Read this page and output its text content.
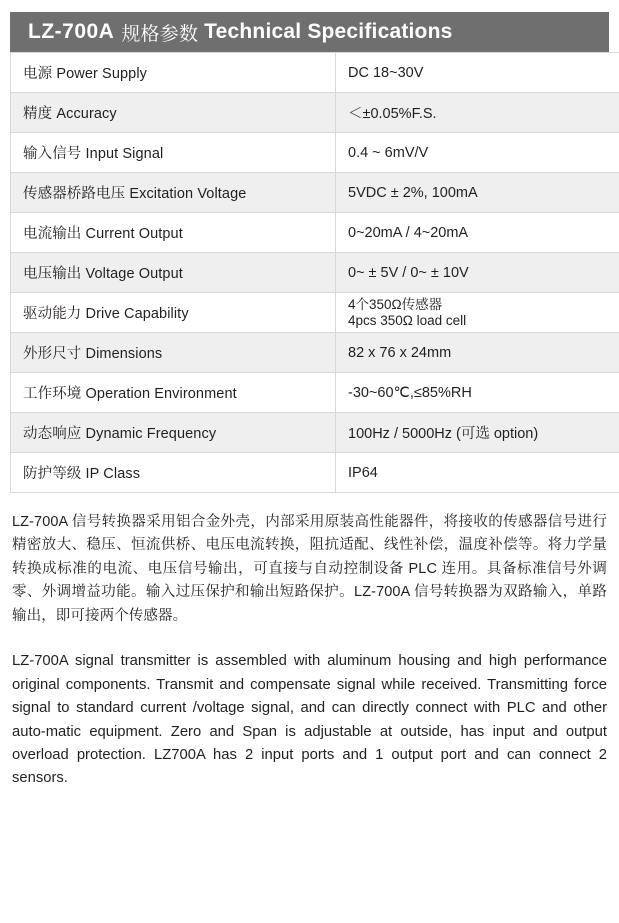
LZ-700A 规格参数 Technical Specifications
电源 Power Supply	DC 18~30V
精度 Accuracy	＜±0.05%F.S.
输入信号 Input Signal	0.4 ~ 6mV/V
传感器桥路电压 Excitation Voltage	5VDC ± 2%, 100mA
电流输出 Current Output	0~20mA / 4~20mA
电压输出 Voltage Output	0~ ± 5V / 0~ ± 10V
驱动能力 Drive Capability	4个350Ω传感器
4pcs 350Ω load cell

外形尺寸 Dimensions	82 x 76 x 24mm
工作环境 Operation Environment	-30~60℃,≤85%RH
动态响应 Dynamic Frequency	100Hz / 5000Hz (可选 option)
防护等级 IP Class	IP64

LZ-700A 信号转换器采用铝合金外壳，内部采用原装高性能器件，将接收的传感器信号进行精密放大、稳压、恒流供桥、电压电流转换，阻抗适配、线性补偿，温度补偿等。将力学量转换成标准的电流、电压信号输出，可直接与自动控制设备 PLC 连用。具备标准信号外调零、外调增益功能。输入过压保护和输出短路保护。LZ-700A 信号转换器为双路输入，单路输出，即可接两个传感器。

LZ-700A signal transmitter is assembled with aluminum housing and high performance original components. Transmit and compensate signal while received. Transmitting force signal to standard current /voltage signal, and can directly connect with PLC and other auto-matic equipment. Zero and Span is adjustable at outside, has input and output overload protection. LZ700A has 2 input ports and 1 output port and can connect 2 sensors.
